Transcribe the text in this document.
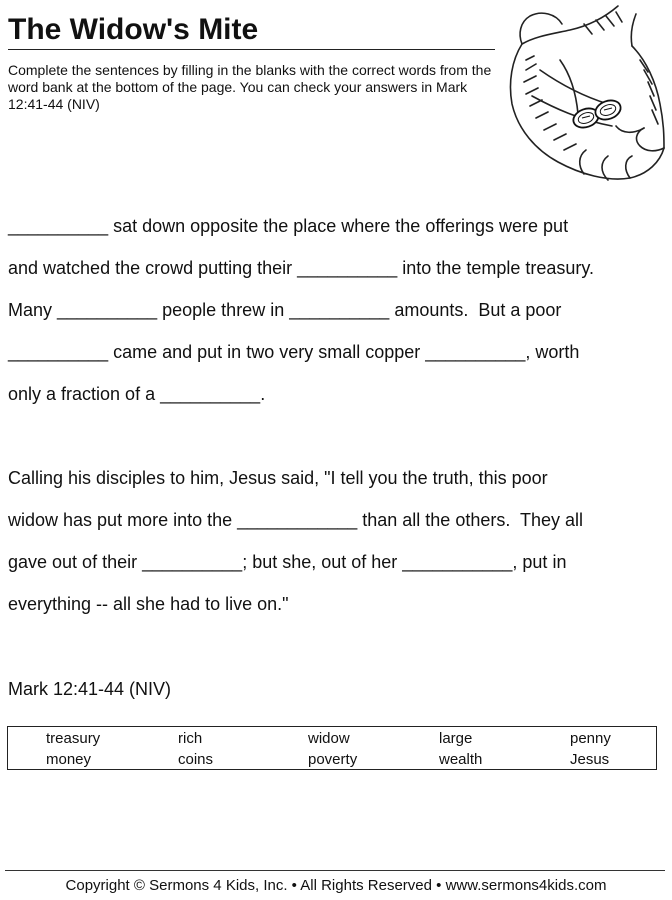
The Widow's Mite
Complete the sentences by filling in the blanks with the correct words from the word bank at the bottom of the page. You can check your answers in Mark 12:41-44 (NIV)
__________ sat down opposite the place where the offerings were put
and watched the crowd putting their __________ into the temple treasury.
Many __________ people threw in __________ amounts.  But a poor
__________ came and put in two very small copper __________, worth
only a fraction of a __________.
Calling his disciples to him, Jesus said, "I tell you the truth, this poor
widow has put more into the ____________ than all the others.  They all
gave out of their __________; but she, out of her ___________, put in
everything -- all she had to live on."
Mark 12:41-44 (NIV)
treasury	rich	widow	large	penny
money	coins	poverty	wealth	Jesus
Copyright © Sermons 4 Kids, Inc. • All Rights Reserved • www.sermons4kids.com
